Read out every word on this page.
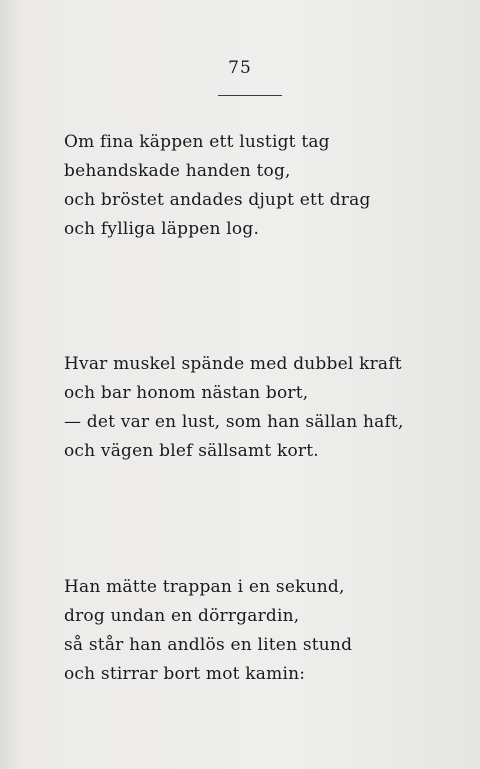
75
Om fina käppen ett lustigt tag
behandskade handen tog,
och bröstet andades djupt ett drag
och fylliga läppen log.
Hvar muskel spände med dubbel kraft
och bar honom nästan bort,
— det var en lust, som han sällan haft,
och vägen blef sällsamt kort.
Han mätte trappan i en sekund,
drog undan en dörrgardin,
så står han andlös en liten stund
och stirrar bort mot kamin:
